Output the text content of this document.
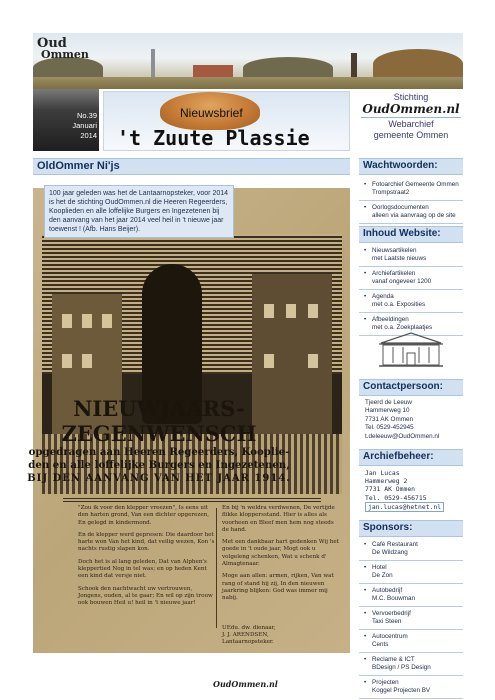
Oud
Ommen
No.39
Januari
2014
Nieuwsbrief
't Zuute Plassie
Stichting
OudOmmen.nl
Webarchief
gemeente Ommen
OldOmmer Ni'js
100 jaar geleden was het de Lantaarnopsteker, voor 2014 is het de stichting OudOmmen.nl die Heeren Regeerders, Kooplieden en alle loffelijke Burgers en Ingezetenen bij den aanvang van het jaar 2014 veel heil in 't nieuwe jaar toewenst ! (Afb. Hans Beijer).
NIEUWJAARS-ZEGENWENSCH
opgedragen aan Heeren Regeerders, Kooplie-
den en alle loffelijke Burgers en Ingezetenen,
BIJ DEN AANVANG VAN HET JAAR 1914.

"Zou ik voor den klepper vreezen", Is eens uit den harten grond, Van een dichter opgerezen, En gelegd in kindermond.

En de klepper werd gepresen: Die daardoor het harte won Van het kind, dat veilig wezen, Kon 's nachts rustig slapen kon.

Doch het is al lang geleden, Dat van Alphen's kleppertied Nog in tel was; en op heden Kent een kind dat versje niet.

Schook den nachtwacht uw vertrouwen, Jongens, ouden, al te gaar; En wil op zijn trouw ook bouwen Heil u! heil in 't nieuwe jaar!

En bij 'n weldra verdwenen, De vertijde flikke kloppersstand. Hier is alles als voorheen en Bleef men hem nog steeds de hand.

Met een dankbaar hart gedenken Wij het goede in 't oude jaar, Mogt ook u volgeleng schenken, Wat u schenk d' Almagtenaar.

Moge aan allen: armen, rijken, Van wat rang of stand hij zij, In den nieuwen jaarkring blijken: God was immer mij nabij.

UEdu. dw. dienaar,
J. J. ARENDSEN,
Lantaarnopsteker.
Wachtwoorden:
• Fotoarchief Gemeente Ommen
Trompstraat2
• Oorlogsdocumenten
alleen via aanvraag op de site
Inhoud Website:
• Nieuwsartikelen
met Laatste nieuws
• Archiefartikelen
vanaf ongeveer 1200
• Agenda
met o.a. Exposities
• Afbeeldingen
met o.a. Zoekplaatjes
Contactpersoon:
Tjeerd de Leeuw
Hammerweg 10
7731 AK Ommen
Tel. 0529-452945
t.deleeuw@OudOmmen.nl
Archiefbeheer:
Jan Lucas
Hammerweg 2
7731 AK Ommen
Tel. 0529-456715
jan.lucas@hetnet.nl
Sponsors:
• Café Restaurant
De Wildzang
• Hotel
De Zon
• Autobedrijf
M.C. Bouwman
• Vervoerbedrijf
Taxi Steen
• Autocentrum
Cents
• Reclame & ICT
BDesign / PS Design
• Projecten
Koggel Projecten BV
OudOmmen.nl
